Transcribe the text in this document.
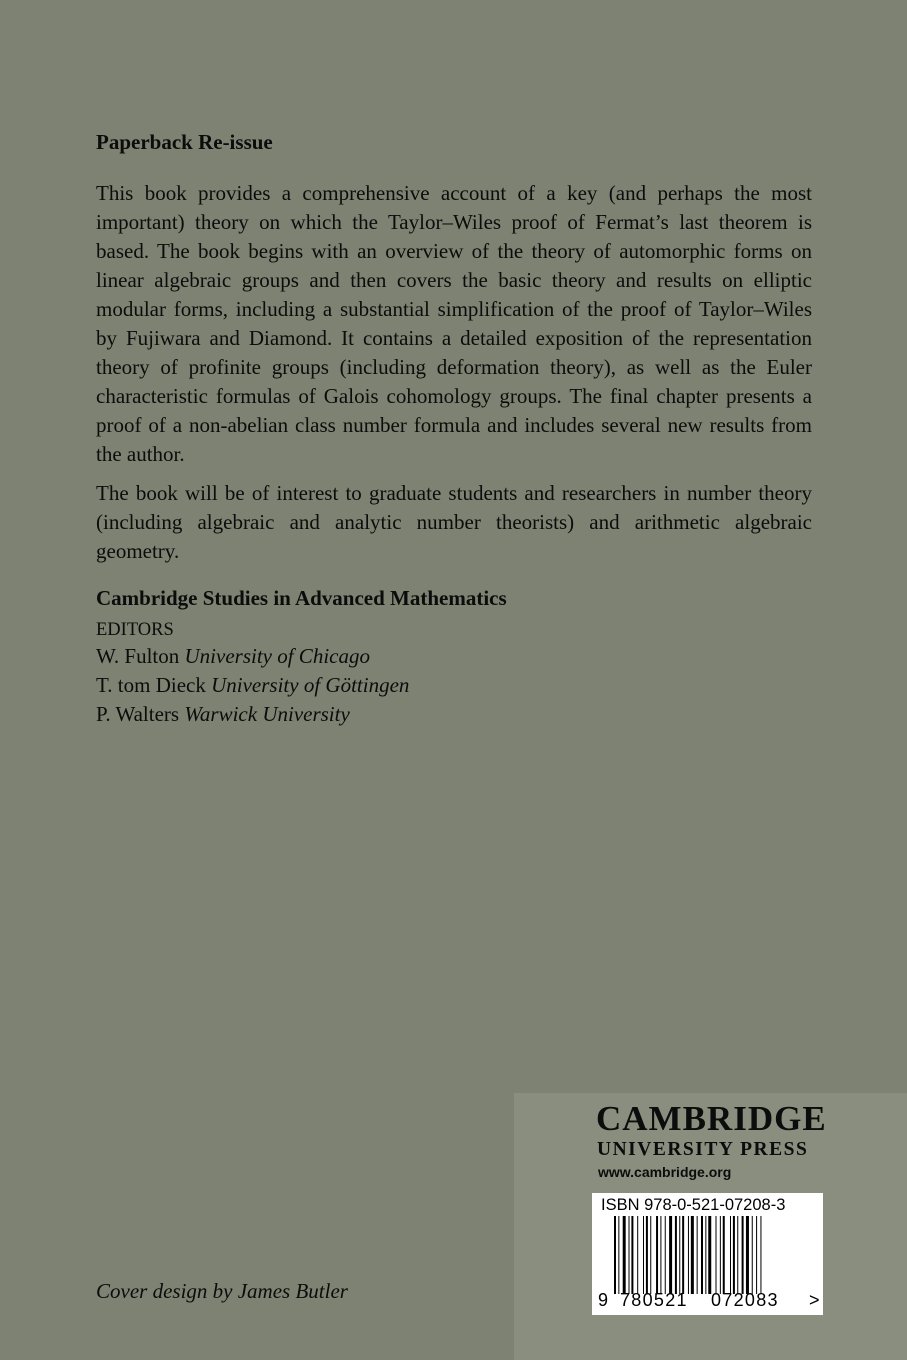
Paperback Re-issue

This book provides a comprehensive account of a key (and perhaps the most important) theory on which the Taylor–Wiles proof of Fermat’s last theorem is based. The book begins with an overview of the theory of automorphic forms on linear algebraic groups and then covers the basic theory and results on elliptic modular forms, including a substantial simplification of the proof of Taylor–Wiles by Fujiwara and Diamond. It contains a detailed exposition of the representation theory of profinite groups (including deformation theory), as well as the Euler characteristic formulas of Galois cohomology groups. The final chapter presents a proof of a non-abelian class number formula and includes several new results from the author.

The book will be of interest to graduate students and researchers in number theory (including algebraic and analytic number theorists) and arithmetic algebraic geometry.

Cambridge Studies in Advanced Mathematics
EDITORS
W. Fulton University of Chicago
T. tom Dieck University of Göttingen
P. Walters Warwick University
Cover design by James Butler
CAMBRIDGE
UNIVERSITY PRESS
www.cambridge.org
ISBN 978-0-521-07208-3
9 780521 072083 >
